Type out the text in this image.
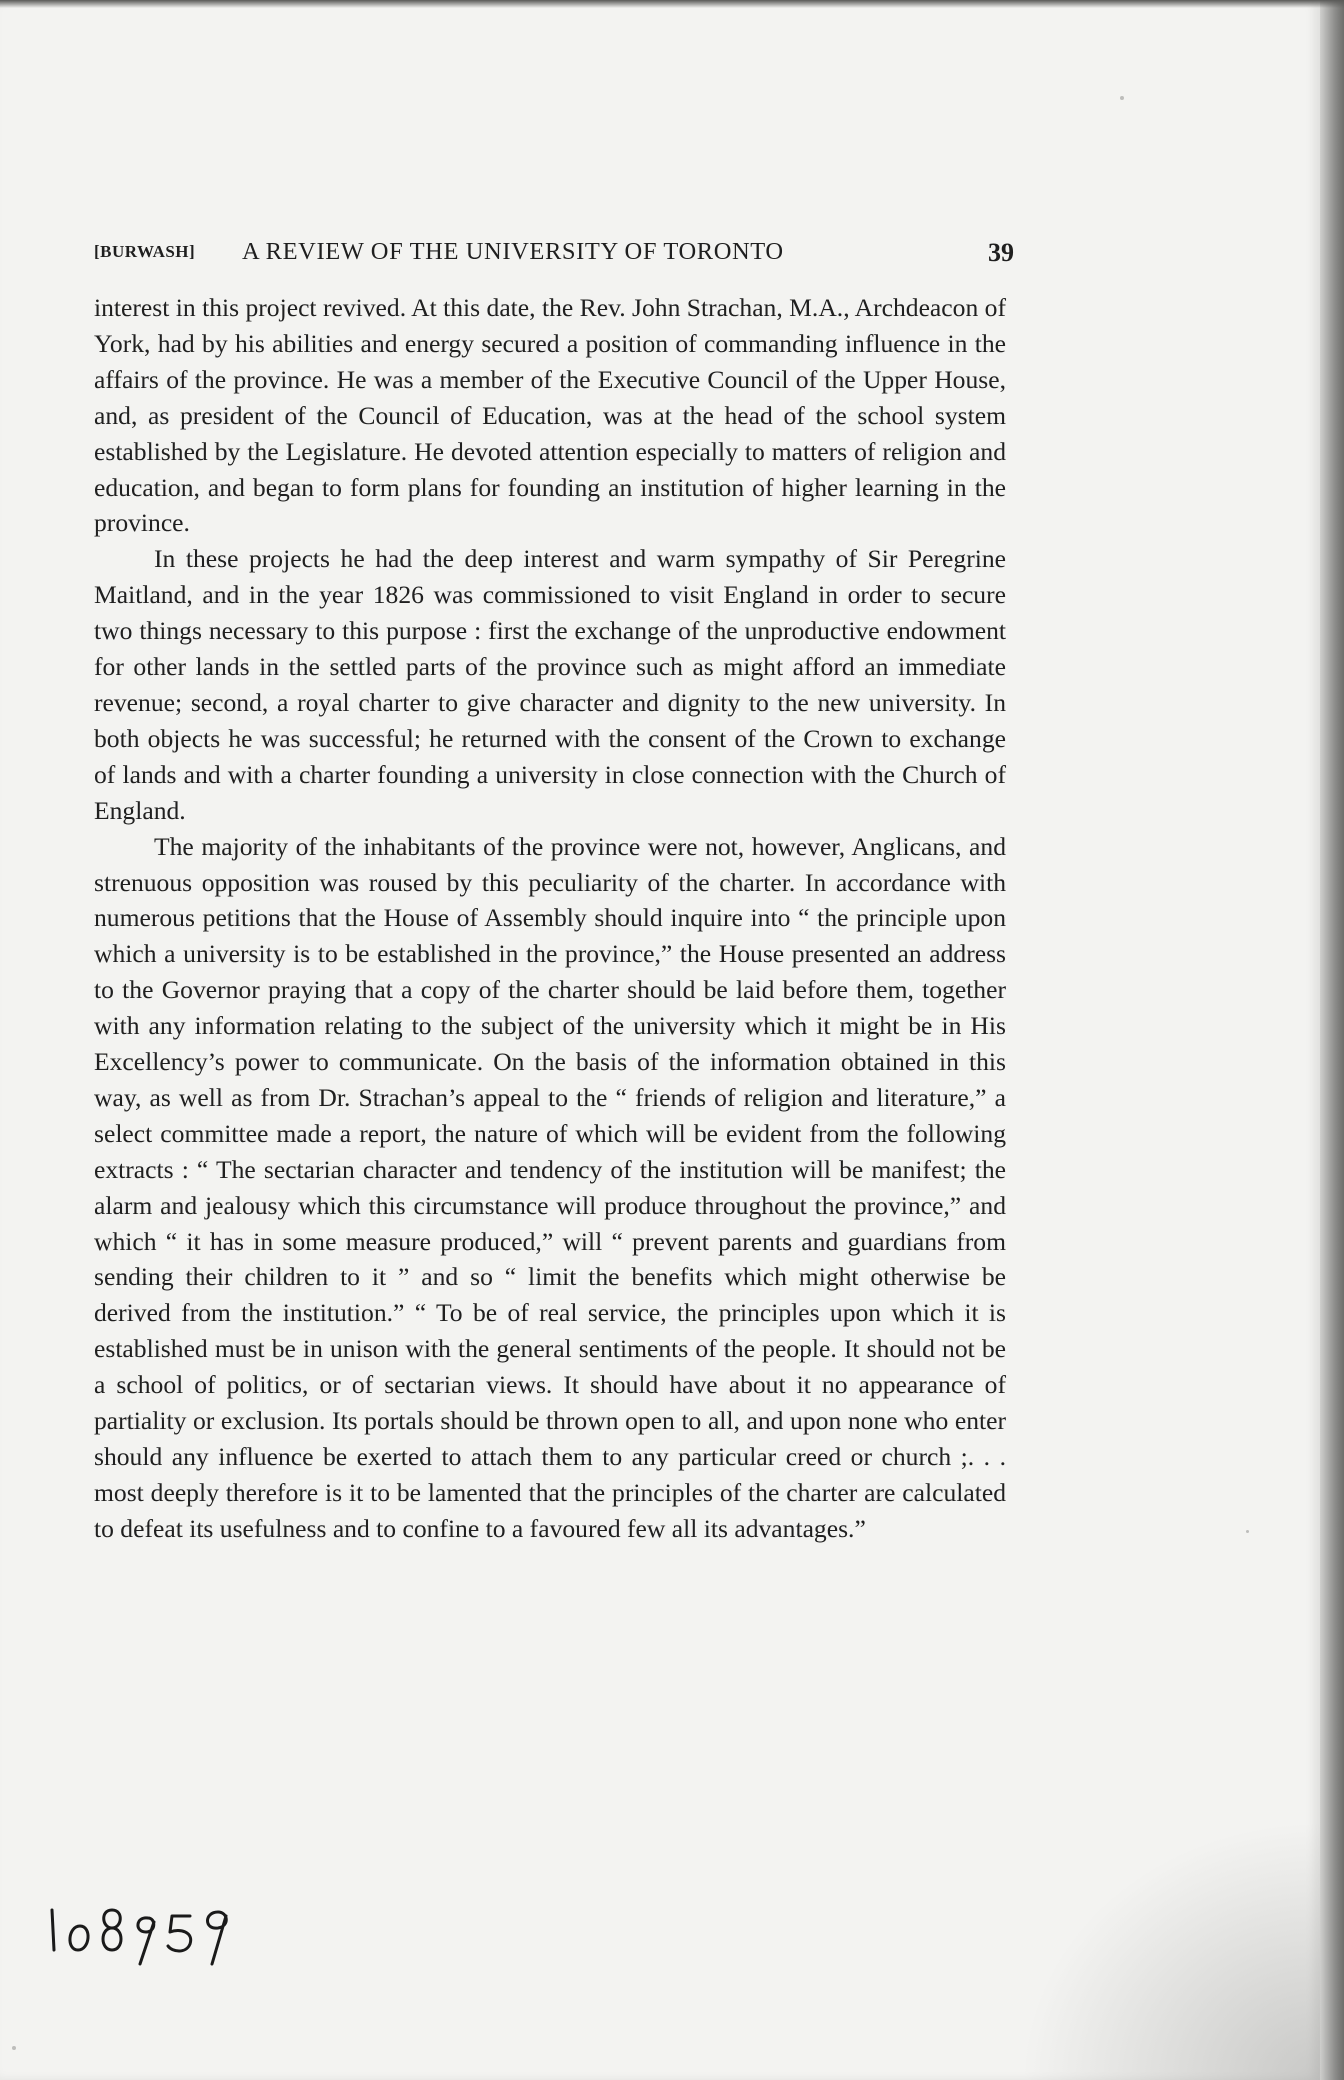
[BURWASH] A REVIEW OF THE UNIVERSITY OF TORONTO	39

interest in this project revived. At this date, the Rev. John Strachan, M.A., Archdeacon of York, had by his abilities and energy secured a position of commanding influence in the affairs of the province. He was a member of the Executive Council of the Upper House, and, as president of the Council of Education, was at the head of the school system established by the Legislature. He devoted attention especially to matters of religion and education, and began to form plans for founding an institution of higher learning in the province.

In these projects he had the deep interest and warm sympathy of Sir Peregrine Maitland, and in the year 1826 was commissioned to visit England in order to secure two things necessary to this purpose : first the exchange of the unproductive endowment for other lands in the settled parts of the province such as might afford an immediate revenue; second, a royal charter to give character and dignity to the new university. In both objects he was successful; he returned with the consent of the Crown to exchange of lands and with a charter founding a university in close connection with the Church of England.

The majority of the inhabitants of the province were not, however, Anglicans, and strenuous opposition was roused by this peculiarity of the charter. In accordance with numerous petitions that the House of Assembly should inquire into “ the principle upon which a university is to be established in the province,” the House presented an address to the Governor praying that a copy of the charter should be laid before them, together with any information relating to the subject of the university which it might be in His Excellency’s power to communicate. On the basis of the information obtained in this way, as well as from Dr. Strachan’s appeal to the “ friends of religion and literature,” a select committee made a report, the nature of which will be evident from the following extracts : “ The sectarian character and tendency of the institution will be manifest; the alarm and jealousy which this circumstance will produce throughout the province,” and which “ it has in some measure produced,” will “ prevent parents and guardians from sending their children to it ” and so “ limit the benefits which might otherwise be derived from the institution.” “ To be of real service, the principles upon which it is established must be in unison with the general sentiments of the people. It should not be a school of politics, or of sectarian views. It should have about it no appearance of partiality or exclusion. Its portals should be thrown open to all, and upon none who enter should any influence be exerted to attach them to any particular creed or church ;. . . most deeply therefore is it to be lamented that the principles of the charter are calculated to defeat its usefulness and to confine to a favoured few all its advantages.”
